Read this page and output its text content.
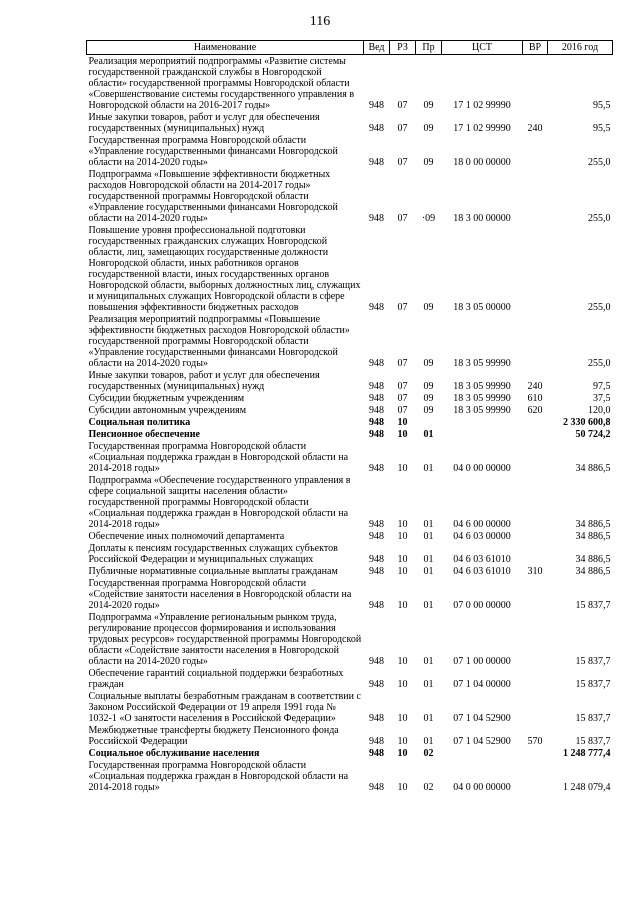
116
Наименование	Вед	РЗ	Пр	ЦСТ	ВР	2016 год
Реализация мероприятий подпрограммы «Развитие системы государственной гражданской службы в Новгородской области» государственной программы Новгородской области «Совершенствование системы государственного управления в Новгородской области на 2016-2017 годы»	948	07	09	17 1 02 99990		95,5
Иные закупки товаров, работ и услуг для обеспечения государственных (муниципальных) нужд	948	07	09	17 1 02 99990	240	95,5
Государственная программа Новгородской области «Управление государственными финансами Новгородской области на 2014-2020 годы»	948	07	09	18 0 00 00000		255,0
Подпрограмма «Повышение эффективности бюджетных расходов Новгородской области на 2014-2017 годы» государственной программы Новгородской области «Управление государственными финансами Новгородской области на 2014-2020 годы»	948	07	·09	18 3 00 00000		255,0
Повышение уровня профессиональной подготовки государственных гражданских служащих Новгородской области, лиц, замещающих государственные должности Новгородской области, иных работников органов государственной власти, иных государственных органов Новгородской области, выборных должностных лиц, служащих и муниципальных служащих Новгородской области в сфере повышения эффективности бюджетных расходов	948	07	09	18 3 05 00000		255,0
Реализация мероприятий подпрограммы «Повышение эффективности бюджетных расходов Новгородской области» государственной программы Новгородской области «Управление государственными финансами Новгородской области на 2014-2020 годы»	948	07	09	18 3 05 99990		255,0
Иные закупки товаров, работ и услуг для обеспечения государственных (муниципальных) нужд	948	07	09	18 3 05 99990	240	97,5
Субсидии бюджетным учреждениям	948	07	09	18 3 05 99990	610	37,5
Субсидии автономным учреждениям	948	07	09	18 3 05 99990	620	120,0
Социальная политика	948	10				2 330 600,8
Пенсионное обеспечение	948	10	01			50 724,2
Государственная программа Новгородской области «Социальная поддержка граждан в Новгородской области на 2014-2018 годы»	948	10	01	04 0 00 00000		34 886,5
Подпрограмма «Обеспечение государственного управления в сфере социальной защиты населения области» государственной программы Новгородской области «Социальная поддержка граждан в Новгородской области на 2014-2018 годы»	948	10	01	04 6 00 00000		34 886,5
Обеспечение иных полномочий департамента	948	10	01	04 6 03 00000		34 886,5
Доплаты к пенсиям государственных служащих субъектов Российской Федерации и муниципальных служащих	948	10	01	04 6 03 61010		34 886,5
Публичные нормативные социальные выплаты гражданам	948	10	01	04 6 03 61010	310	34 886,5
Государственная программа Новгородской области «Содействие занятости населения в Новгородской области на 2014-2020 годы»	948	10	01	07 0 00 00000		15 837,7
Подпрограмма «Управление региональным рынком труда, регулирование процессов формирования и использования трудовых ресурсов» государственной программы Новгородской области «Содействие занятости населения в Новгородской области на 2014-2020 годы»	948	10	01	07 1 00 00000		15 837,7
Обеспечение гарантий социальной поддержки безработных граждан	948	10	01	07 1 04 00000		15 837,7
Социальные выплаты безработным гражданам в соответствии с Законом Российской Федерации от 19 апреля 1991 года № 1032-1 «О занятости населения в Российской Федерации»	948	10	01	07 1 04 52900		15 837,7
Межбюджетные трансферты бюджету Пенсионного фонда Российской Федерации	948	10	01	07 1 04 52900	570	15 837,7
Социальное обслуживание населения	948	10	02			1 248 777,4
Государственная программа Новгородской области «Социальная поддержка граждан в Новгородской области на 2014-2018 годы»	948	10	02	04 0 00 00000		1 248 079,4
